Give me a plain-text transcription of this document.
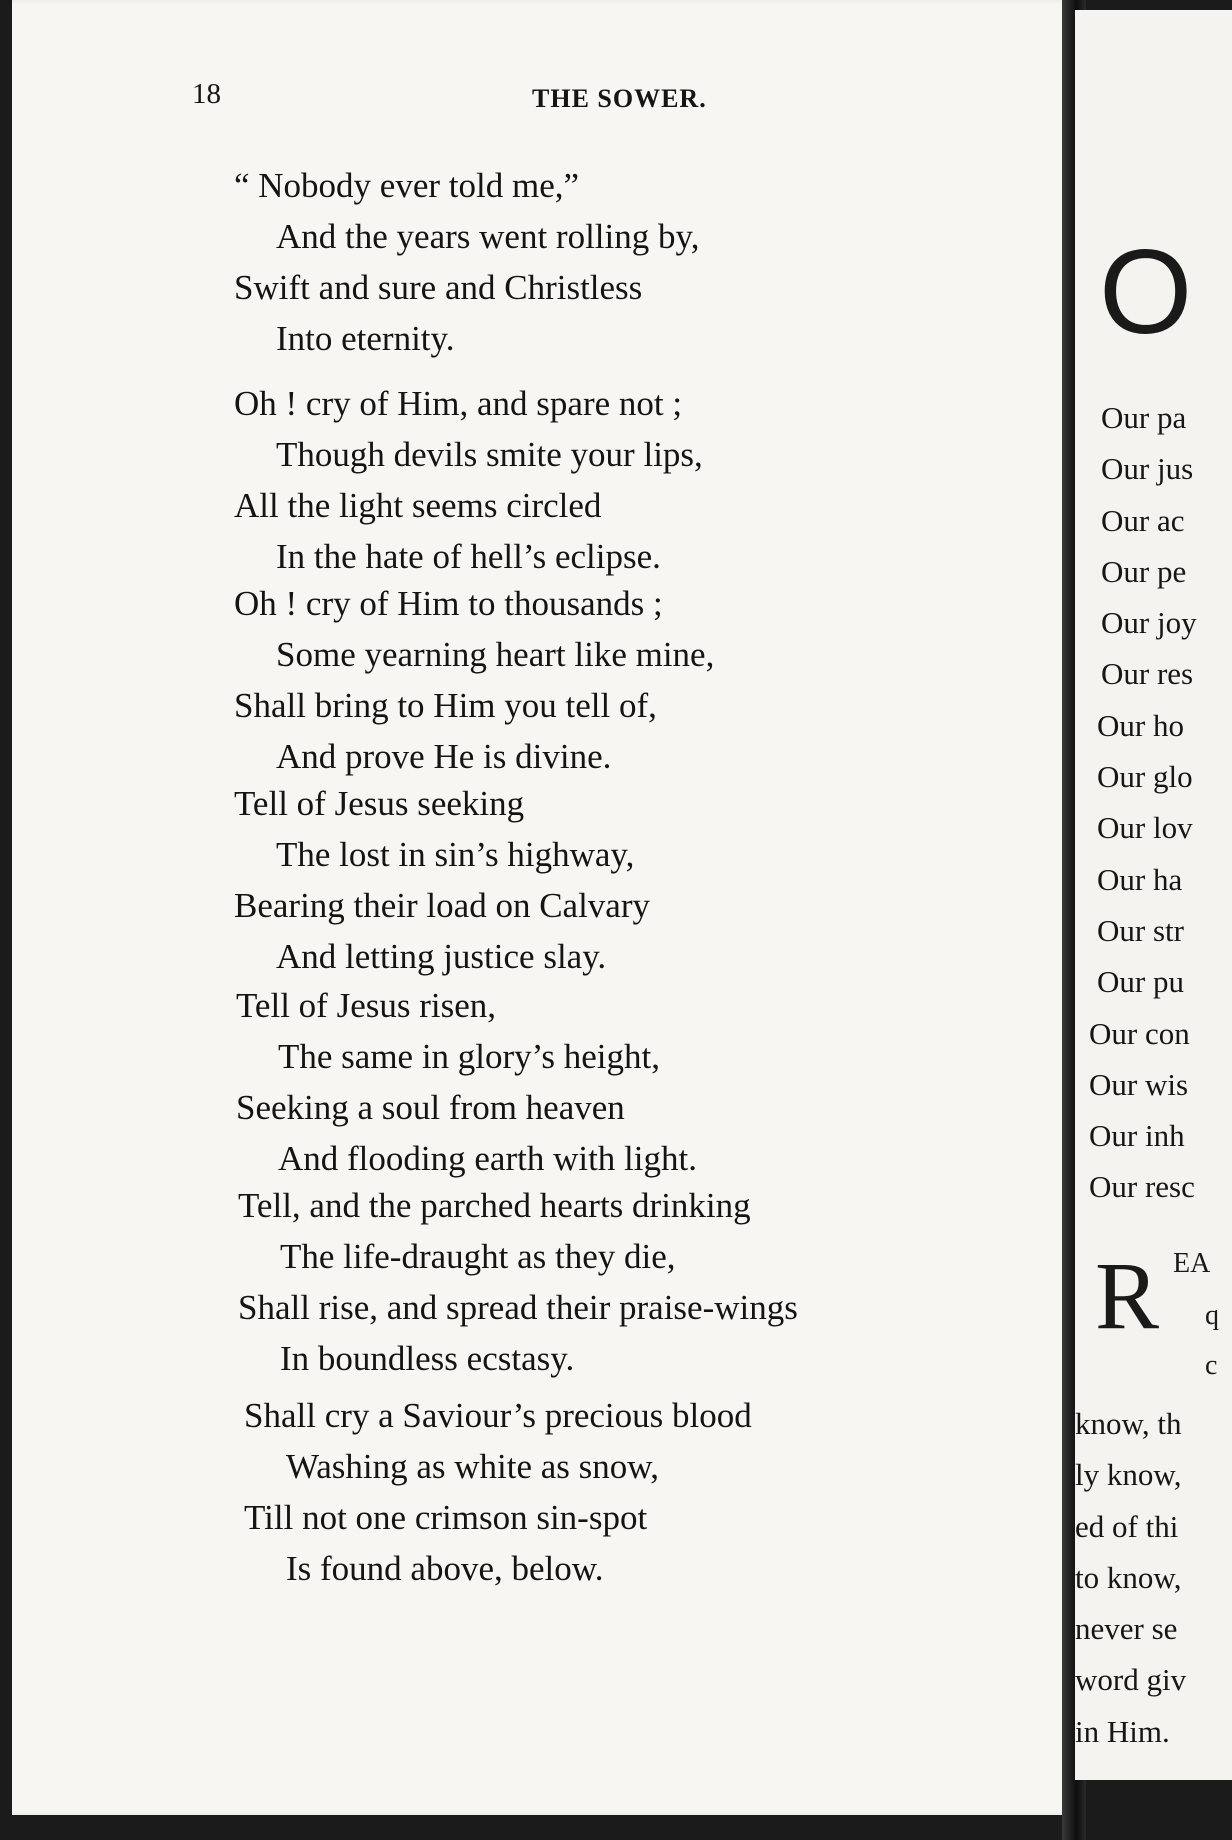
18	THE SOWER.
“ Nobody ever told me,”
And the years went rolling by,
Swift and sure and Christless
Into eternity.
Oh ! cry of Him, and spare not ;
Though devils smite your lips,
All the light seems circled
In the hate of hell’s eclipse.
Oh ! cry of Him to thousands ;
Some yearning heart like mine,
Shall bring to Him you tell of,
And prove He is divine.
Tell of Jesus seeking
The lost in sin’s highway,
Bearing their load on Calvary
And letting justice slay.
Tell of Jesus risen,
The same in glory’s height,
Seeking a soul from heaven
And flooding earth with light.
Tell, and the parched hearts drinking
The life-draught as they die,
Shall rise, and spread their praise-wings
In boundless ecstasy.
Shall cry a Saviour’s precious blood
Washing as white as snow,
Till not one crimson sin-spot
Is found above, below.
O
Our pa
Our jus
Our ac
Our pe
Our joy
Our res
Our ho
Our glo
Our lov
Our ha
Our str
Our pu
Our con
Our wis
Our inh
Our resc
R EA
q
c
know, th
ly know,
ed of thi
to know,
never se
word giv
in Him.
